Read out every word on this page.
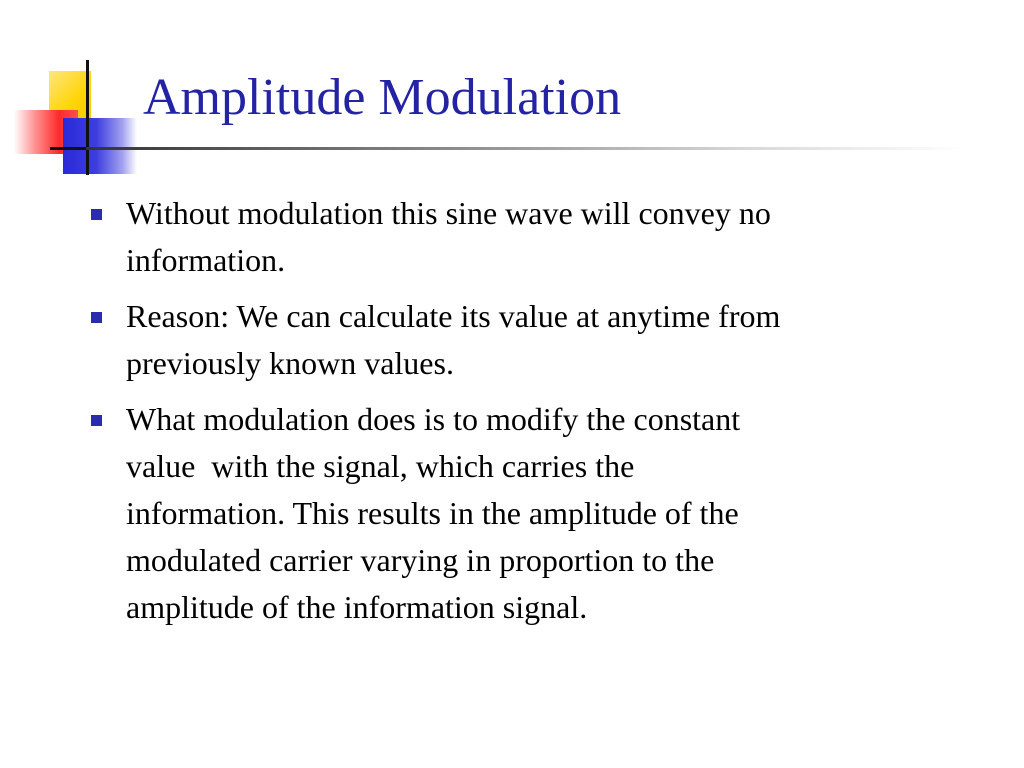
Amplitude Modulation
Without modulation this sine wave will convey no
information.
Reason: We can calculate its value at anytime from
previously known values.
What modulation does is to modify the constant
value  with the signal, which carries the
information. This results in the amplitude of the
modulated carrier varying in proportion to the
amplitude of the information signal.
